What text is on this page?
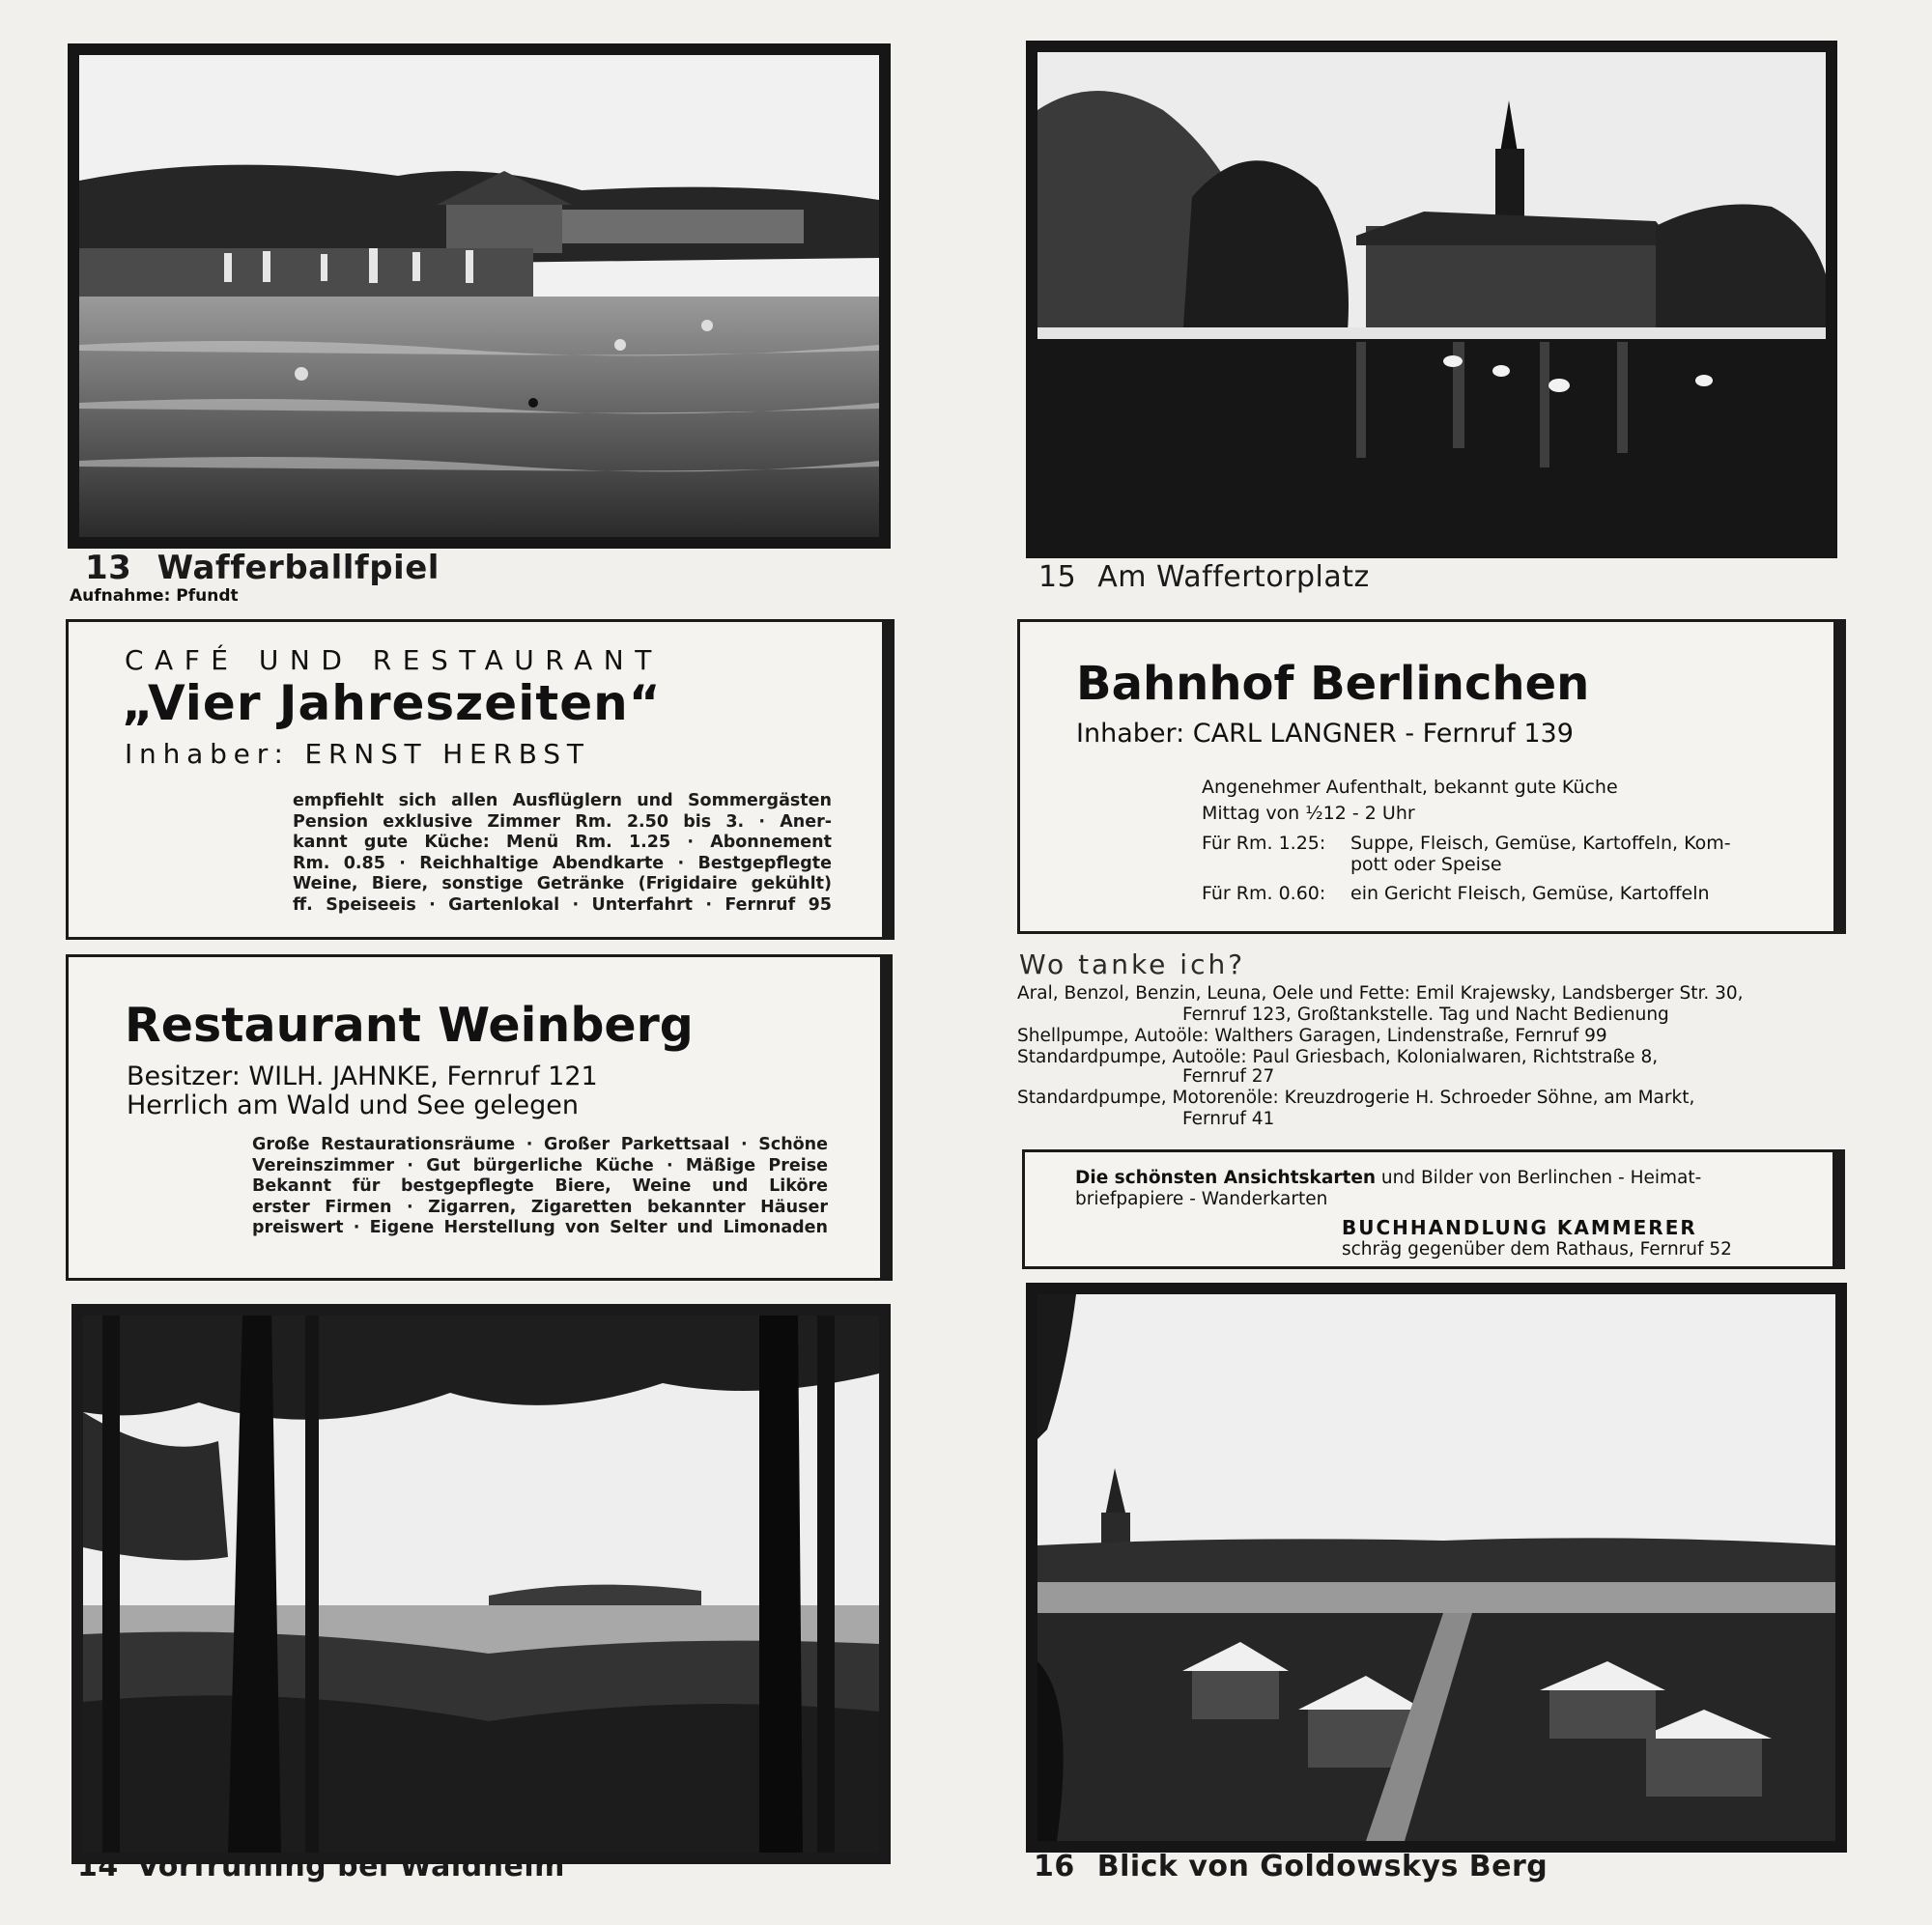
13 Wafferballfpiel
Aufnahme: Pfundt
15 Am Waffertorplatz
CAFÉ UND RESTAURANT
„Vier Jahreszeiten“
Inhaber: ERNST HERBST
empfiehlt sich allen Ausflüglern und Sommergästen
Pension exklusive Zimmer Rm. 2.50 bis 3. · Aner-
kannt gute Küche: Menü Rm. 1.25 · Abonnement
Rm. 0.85 · Reichhaltige Abendkarte · Bestgepflegte
Weine, Biere, sonstige Getränke (Frigidaire gekühlt)
ff. Speiseeis · Gartenlokal · Unterfahrt · Fernruf 95
Restaurant Weinberg
Besitzer: WILH. JAHNKE, Fernruf 121
Herrlich am Wald und See gelegen
Große Restaurationsräume · Großer Parkettsaal · Schöne
Vereinszimmer · Gut bürgerliche Küche · Mäßige Preise
Bekannt für bestgepflegte Biere, Weine und Liköre
erster Firmen · Zigarren, Zigaretten bekannter Häuser
preiswert · Eigene Herstellung von Selter und Limonaden
Bahnhof Berlinchen
Inhaber: CARL LANGNER - Fernruf 139
Angenehmer Aufenthalt, bekannt gute Küche
Mittag von ½12 - 2 Uhr
Für Rm. 1.25: Suppe, Fleisch, Gemüse, Kartoffeln, Kom-
pott oder Speise
Für Rm. 0.60: ein Gericht Fleisch, Gemüse, Kartoffeln
Wo tanke ich?
Aral, Benzol, Benzin, Leuna, Oele und Fette: Emil Krajewsky, Landsberger Str. 30,
Fernruf 123, Großtankstelle. Tag und Nacht Bedienung
Shellpumpe, Autoöle: Walthers Garagen, Lindenstraße, Fernruf 99
Standardpumpe, Autoöle: Paul Griesbach, Kolonialwaren, Richtstraße 8,
Fernruf 27
Standardpumpe, Motorenöle: Kreuzdrogerie H. Schroeder Söhne, am Markt,
Fernruf 41
Die schönsten Ansichtskarten und Bilder von Berlinchen - Heimat-
briefpapiere - Wanderkarten
BUCHHANDLUNG KAMMERER
schräg gegenüber dem Rathaus, Fernruf 52
14 Vorfrühling bei Waldheim	16 Blick von Goldowskys Berg
